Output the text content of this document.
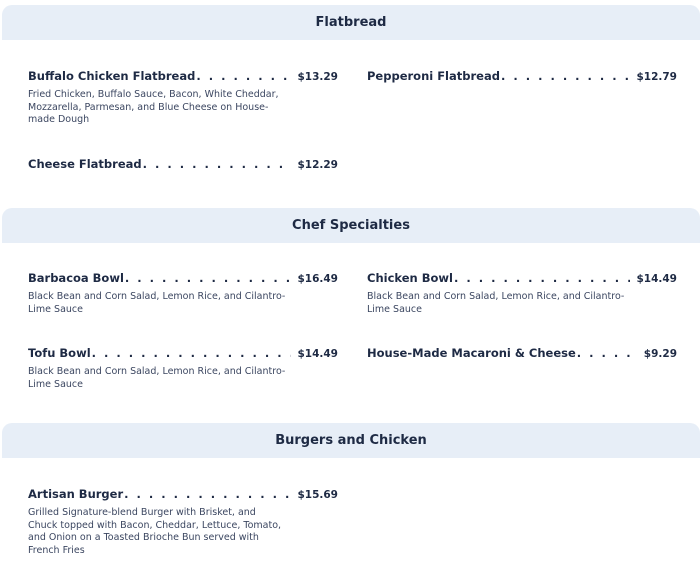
Flatbread
Buffalo Chicken Flatbread . . .	$13.29
Fried Chicken, Buffalo Sauce, Bacon, White Cheddar, Mozzarella, Parmesan, and Blue Cheese on House-made Dough
Pepperoni Flatbread . . .	$12.79
Cheese Flatbread . . .	$12.29
Chef Specialties
Barbacoa Bowl . . .	$16.49
Black Bean and Corn Salad, Lemon Rice, and Cilantro-Lime Sauce
Chicken Bowl . . .	$14.49
Black Bean and Corn Salad, Lemon Rice, and Cilantro-Lime Sauce
Tofu Bowl . . .	$14.49
Black Bean and Corn Salad, Lemon Rice, and Cilantro-Lime Sauce
House-Made Macaroni & Cheese . . .	$9.29
Burgers and Chicken
Artisan Burger . . .	$15.69
Grilled Signature-blend Burger with Brisket, and Chuck topped with Bacon, Cheddar, Lettuce, Tomato, and Onion on a Toasted Brioche Bun served with French Fries
